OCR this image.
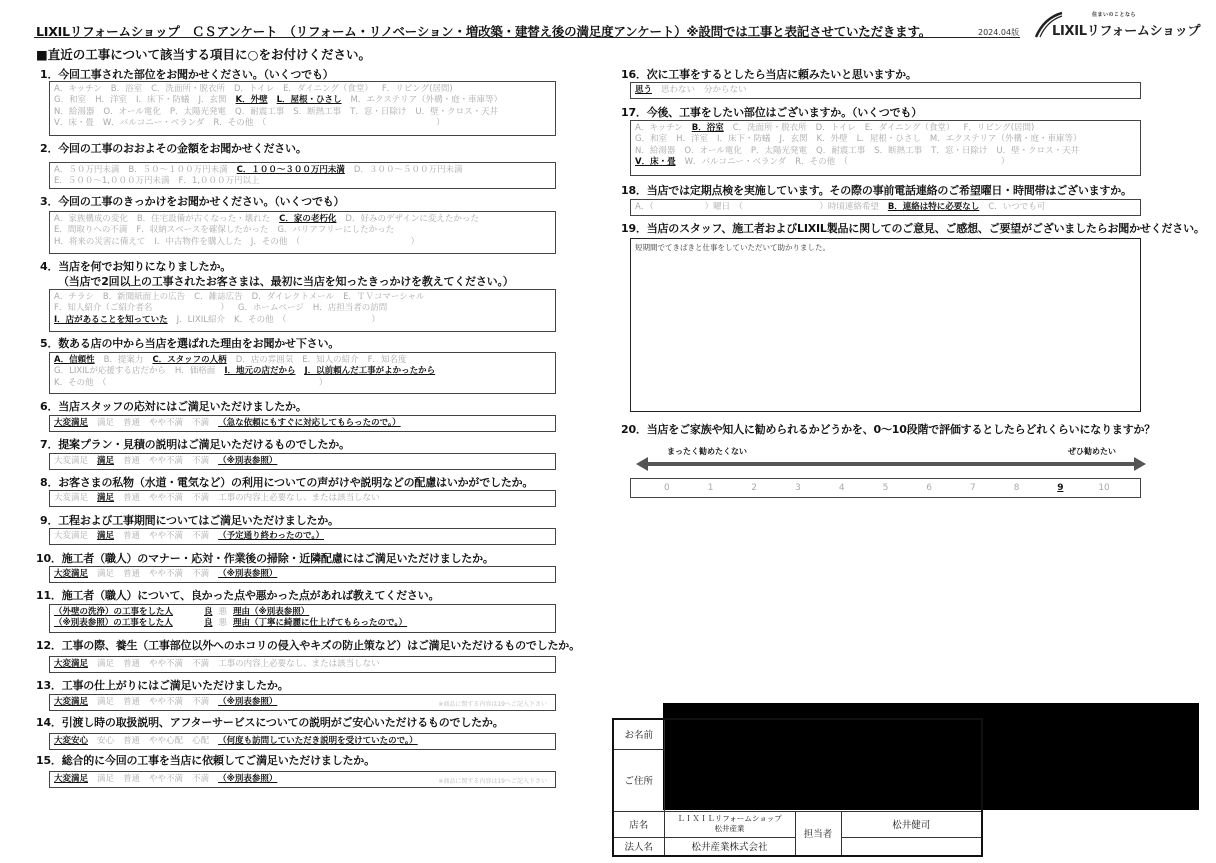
LIXILリフォームショップ　ＣＳアンケート　（リフォーム・リノベーション・増改築・建替え後の満足度アンケート）※設問では工事と表記させていただきます。	2024.04版
住まいのことなら
LIXILリフォームショップ
■直近の工事について該当する項目に○をお付けください。
1．今回工事された部位をお聞かせください。（いくつでも）
A．キッチン B．浴室 C．洗面所・脱衣所 D．トイレ E．ダイニング（食堂） F．リビング(居間)
G．和室 H．洋室 I．床下・防蟻 J．玄関 K．外壁 L．屋根・ひさし M．エクステリア（外構・庭・車庫等）
N．給湯器 O．オール電化 P．太陽光発電 Q．耐震工事 S．断熱工事 T．窓・日除け U．壁・クロス・天井
V．床・畳 W．バルコニー・ベランダ R．その他　（　　　　　　　　　　　　　　　　　　　　）
2．今回の工事のおおよその金額をお聞かせください。
A．５０万円未満 B．５０～１００万円未満 C．１００～３００万円未満 D．３００～５００万円未満
E．５００～1,０００万円未満 F．1,０００万円以上
3．今回の工事のきっかけをお聞かせください。（いくつでも）
A．家族構成の変化 B．住宅設備が古くなった・壊れた C．家の老朽化 D．好みのデザインに変えたかった
E．間取りへの不満 F．収納スペースを確保したかった G．バリアフリーにしたかった
H．将来の災害に備えて I．中古物件を購入した J．その他　（　　　　　　　　　　　　　）
4．当店を何でお知りになりましたか。
（当店で2回以上の工事されたお客さまは、最初に当店を知ったきっかけを教えてください。）
A．チラシ B．新聞紙面上の広告 C．雑誌広告 D．ダイレクトメール E．ＴＶコマーシャル
F．知人紹介（ご紹介者名　　　　　　　　） G．ホームページ H．店担当者の訪問
I．店があることを知っていた J．LIXIL紹介 K．その他　（　　　　　　　　　　）
5．数ある店の中から当店を選ばれた理由をお聞かせ下さい。
A．信頼性 B．提案力 C．スタッフの人柄 D．店の雰囲気 E．知人の紹介 F．知名度
G．LIXILが応援する店だから H．価格面 I．地元の店だから J．以前頼んだ工事がよかったから
K．その他　（　　　　　　　　　　　　　　　　　　　　　　　　　）
6．当店スタッフの応対にはご満足いただけましたか。
大変満足 満足 普通 やや不満 不満 （急な依頼にもすぐに対応してもらったので。）
7．提案プラン・見積の説明はご満足いただけるものでしたか。
大変満足 満足 普通 やや不満 不満 （※別表参照）
8．お客さまの私物（水道・電気など）の利用についての声がけや説明などの配慮はいかがでしたか。
大変満足 満足 普通 やや不満 不満 工事の内容上必要なし、または該当しない
9．工程および工事期間についてはご満足いただけましたか。
大変満足 満足 普通 やや不満 不満 （予定通り終わったので。）
10．施工者（職人）のマナー・応対・作業後の掃除・近隣配慮にはご満足いただけましたか。
大変満足 満足 普通 やや不満 不満 （※別表参照）
11．施工者（職人）について、良かった点や悪かった点があれば教えてください。
（外壁の洗浄）の工事をした人	良 悪 理由（※別表参照）
（※別表参照）の工事をした人	良 悪 理由（丁寧に綺麗に仕上げてもらったので。）
12．工事の際、養生（工事部位以外へのホコリの侵入やキズの防止策など）はご満足いただけるものでしたか。
大変満足 満足 普通 やや不満 不満 工事の内容上必要なし、または該当しない
13．工事の仕上がりにはご満足いただけましたか。
大変満足 満足 普通 やや不満 不満 （※別表参照）	※商品に関する内容は19へご記入下さい
14．引渡し時の取扱説明、アフターサービスについての説明がご安心いただけるものでしたか。
大変安心 安心 普通 やや心配 心配 （何度も訪問していただき説明を受けていたので。）
15．総合的に今回の工事を当店に依頼してご満足いただけましたか。
大変満足 満足 普通 やや不満 不満 （※別表参照）	※商品に関する内容は19へご記入下さい
16．次に工事をするとしたら当店に頼みたいと思いますか。
思う 思わない 分からない
17．今後、工事をしたい部位はございますか。（いくつでも）
A．キッチン B．浴室 C．洗面所・脱衣所 D．トイレ E．ダイニング（食堂） F．リビング(居間)
G．和室 H．洋室 I．床下・防蟻 J．玄関 K．外壁 L．屋根・ひさし M．エクステリア（外構・庭・車庫等）
N．給湯器 O．オール電化 P．太陽光発電 Q．耐震工事 S．断熱工事 T．窓・日除け U．壁・クロス・天井
V．床・畳 W．バルコニー・ベランダ R．その他　（　　　　　　　　　　　　　　　　　　）
18．当店では定期点検を実施しています。その際の事前電話連絡のご希望曜日・時間帯はございますか。
A．（　　　　　　）曜日　（　　　　　　　　　）時頃連絡希望 B．連絡は特に必要なし C．いつでも可
19．当店のスタッフ、施工者およびLIXIL製品に関してのご意見、ご感想、ご要望がございましたらお聞かせください。
短期間でてきぱきと仕事をしていただいて助かりました。
20．当店をご家族や知人に勧められるかどうかを、0～10段階で評価するとしたらどれくらいになりますか？
まったく勧めたくない	ぜひ勧めたい
0	1	2	3	4	5	6	7	8	9	10
お名前			
ご住所			
店名	ＬＩＸＩＬリフォームショップ
松井産業	担当者	松井健司
法人名	松井産業株式会社		
